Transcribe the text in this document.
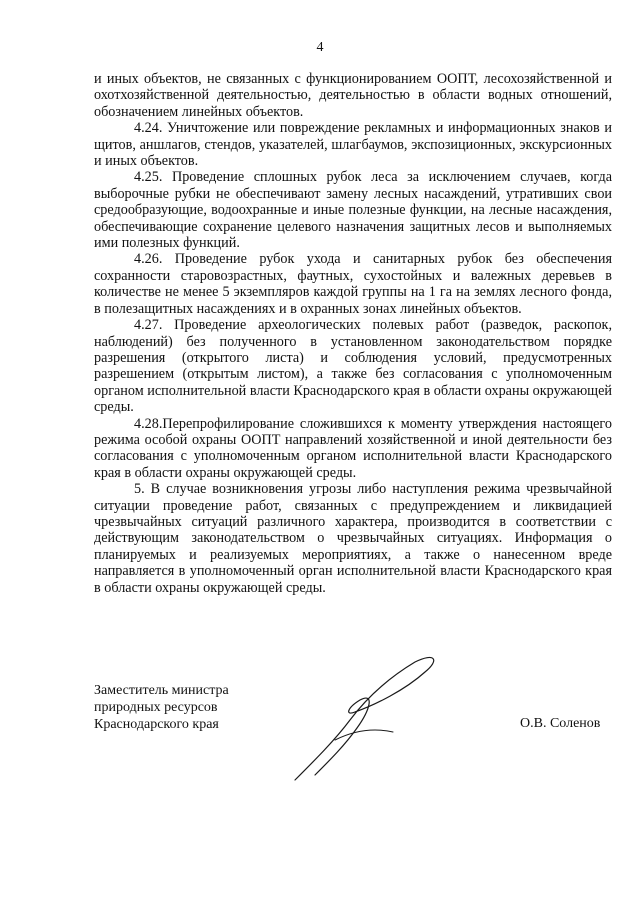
4

и иных объектов, не связанных с функционированием ООПТ, лесохозяйственной и охотхозяйственной деятельностью, деятельностью в области водных отношений, обозначением линейных объектов.

4.24. Уничтожение или повреждение рекламных и информационных знаков и щитов, аншлагов, стендов, указателей, шлагбаумов, экспозиционных, экскурсионных и иных объектов.

4.25. Проведение сплошных рубок леса за исключением случаев, когда выборочные рубки не обеспечивают замену лесных насаждений, утративших свои средообразующие, водоохранные и иные полезные функции, на лесные насаждения, обеспечивающие сохранение целевого назначения защитных лесов и выполняемых ими полезных функций.

4.26. Проведение рубок ухода и санитарных рубок без обеспечения сохранности старовозрастных, фаутных, сухостойных и валежных деревьев в количестве не менее 5 экземпляров каждой группы на 1 га на землях лесного фонда, в полезащитных насаждениях и в охранных зонах линейных объектов.

4.27. Проведение археологических полевых работ (разведок, раскопок, наблюдений) без полученного в установленном законодательством порядке разрешения (открытого листа) и соблюдения условий, предусмотренных разрешением (открытым листом), а также без согласования с уполномоченным органом исполнительной власти Краснодарского края в области охраны окружающей среды.

4.28.Перепрофилирование сложившихся к моменту утверждения настоящего режима особой охраны ООПТ направлений хозяйственной и иной деятельности без согласования с уполномоченным органом исполнительной власти Краснодарского края в области охраны окружающей среды.

5. В случае возникновения угрозы либо наступления режима чрезвычайной ситуации проведение работ, связанных с предупреждением и ликвидацией чрезвычайных ситуаций различного характера, производится в соответствии с действующим законодательством о чрезвычайных ситуациях. Информация о планируемых и реализуемых мероприятиях, а также о нанесенном вреде направляется в уполномоченный орган исполнительной власти Краснодарского края в области охраны окружающей среды.

Заместитель министра
природных ресурсов
Краснодарского края	О.В. Соленов
